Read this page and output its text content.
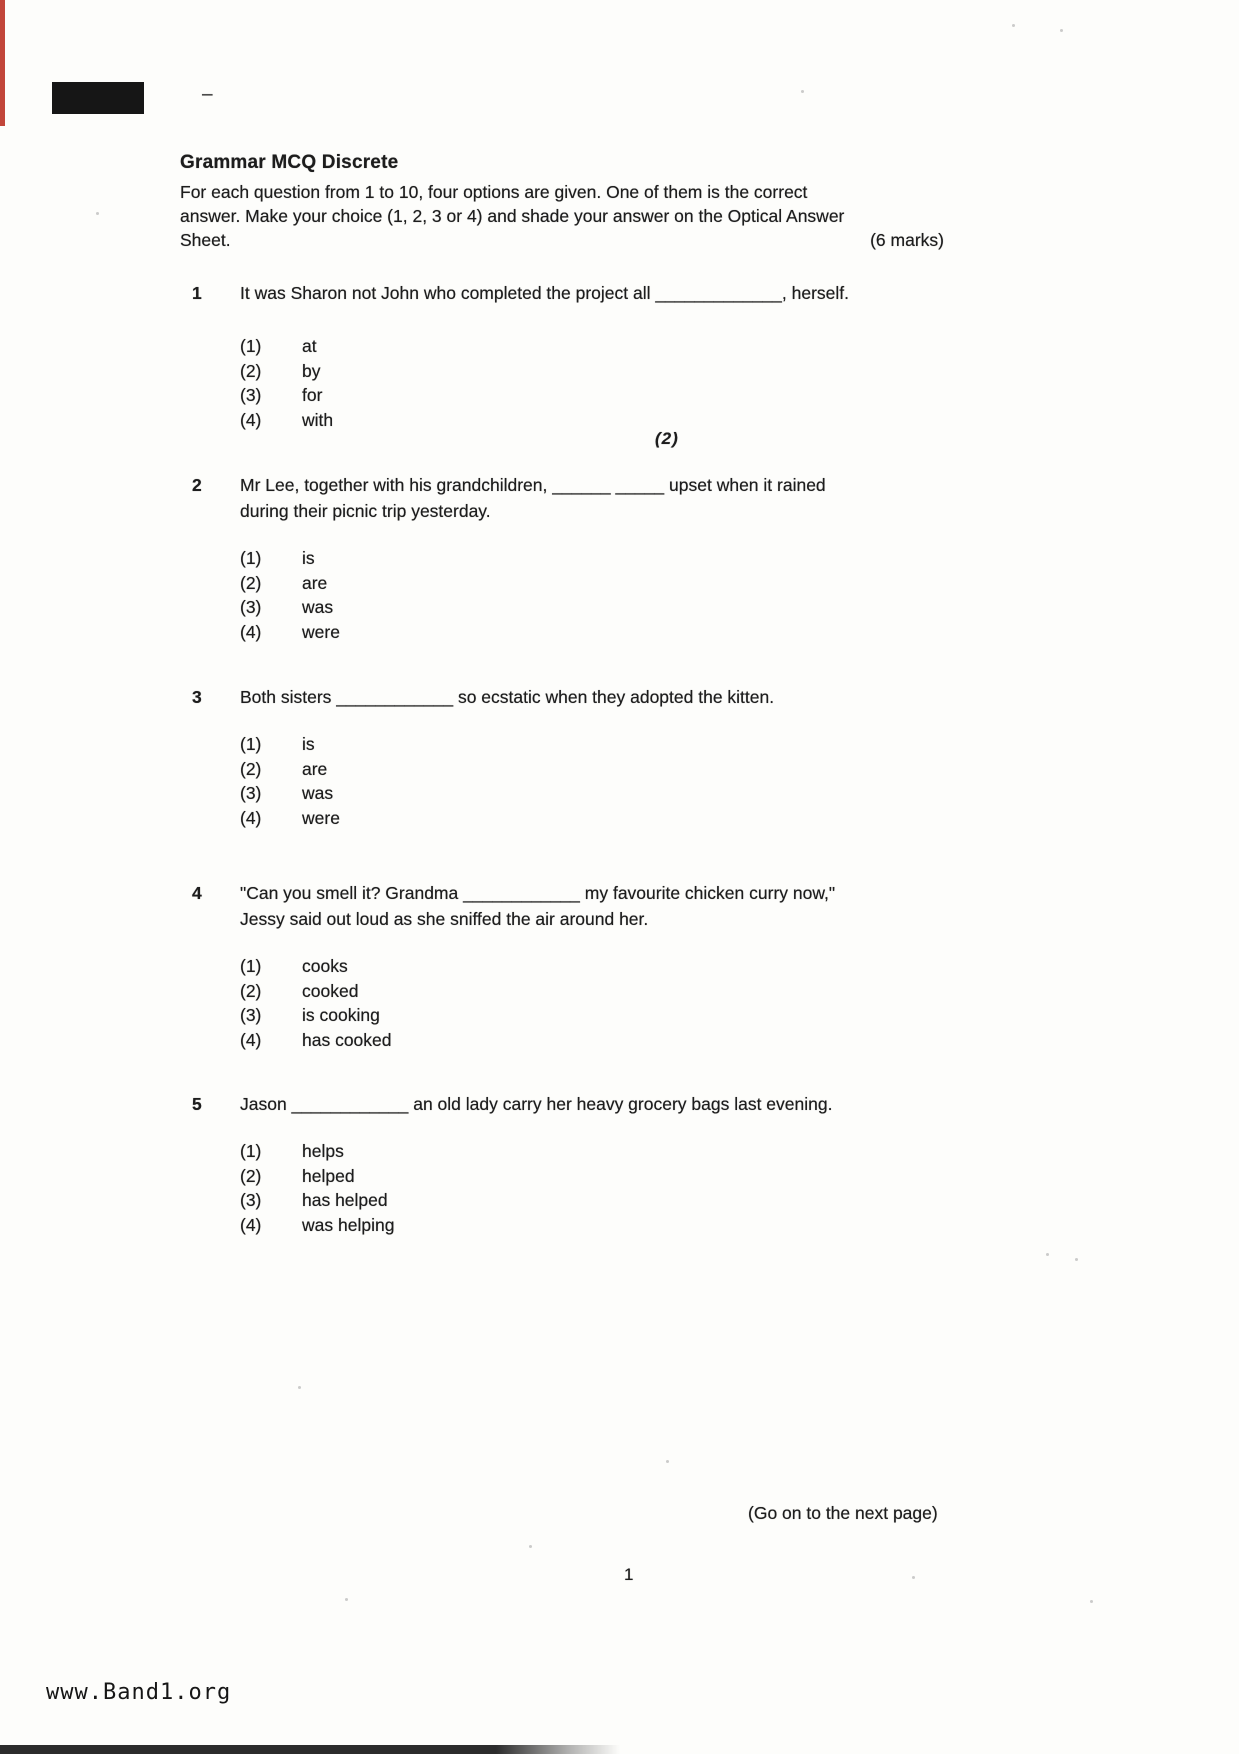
–
Grammar MCQ Discrete
For each question from 1 to 10, four options are given. One of them is the correct
answer. Make your choice (1, 2, 3 or 4) and shade your answer on the Optical Answer
Sheet.	(6 marks)
1	It was Sharon not John who completed the project all _____________, herself.
(1)	at
(2)	by
(3)	for
(4)	with
2	Mr Lee, together with his grandchildren, ______ _____ upset when it rained
during their picnic trip yesterday.
(1)	is
(2)	are
(3)	was
(4)	were
3	Both sisters ____________ so ecstatic when they adopted the kitten.
(1)	is
(2)	are
(3)	was
(4)	were
4	"Can you smell it? Grandma ____________ my favourite chicken curry now,"
Jessy said out loud as she sniffed the air around her.
(1)	cooks
(2)	cooked
(3)	is cooking
(4)	has cooked
5	Jason ____________ an old lady carry her heavy grocery bags last evening.
(1)	helps
(2)	helped
(3)	has helped
(4)	was helping
(2)
(Go on to the next page)
1
www.Band1.org
